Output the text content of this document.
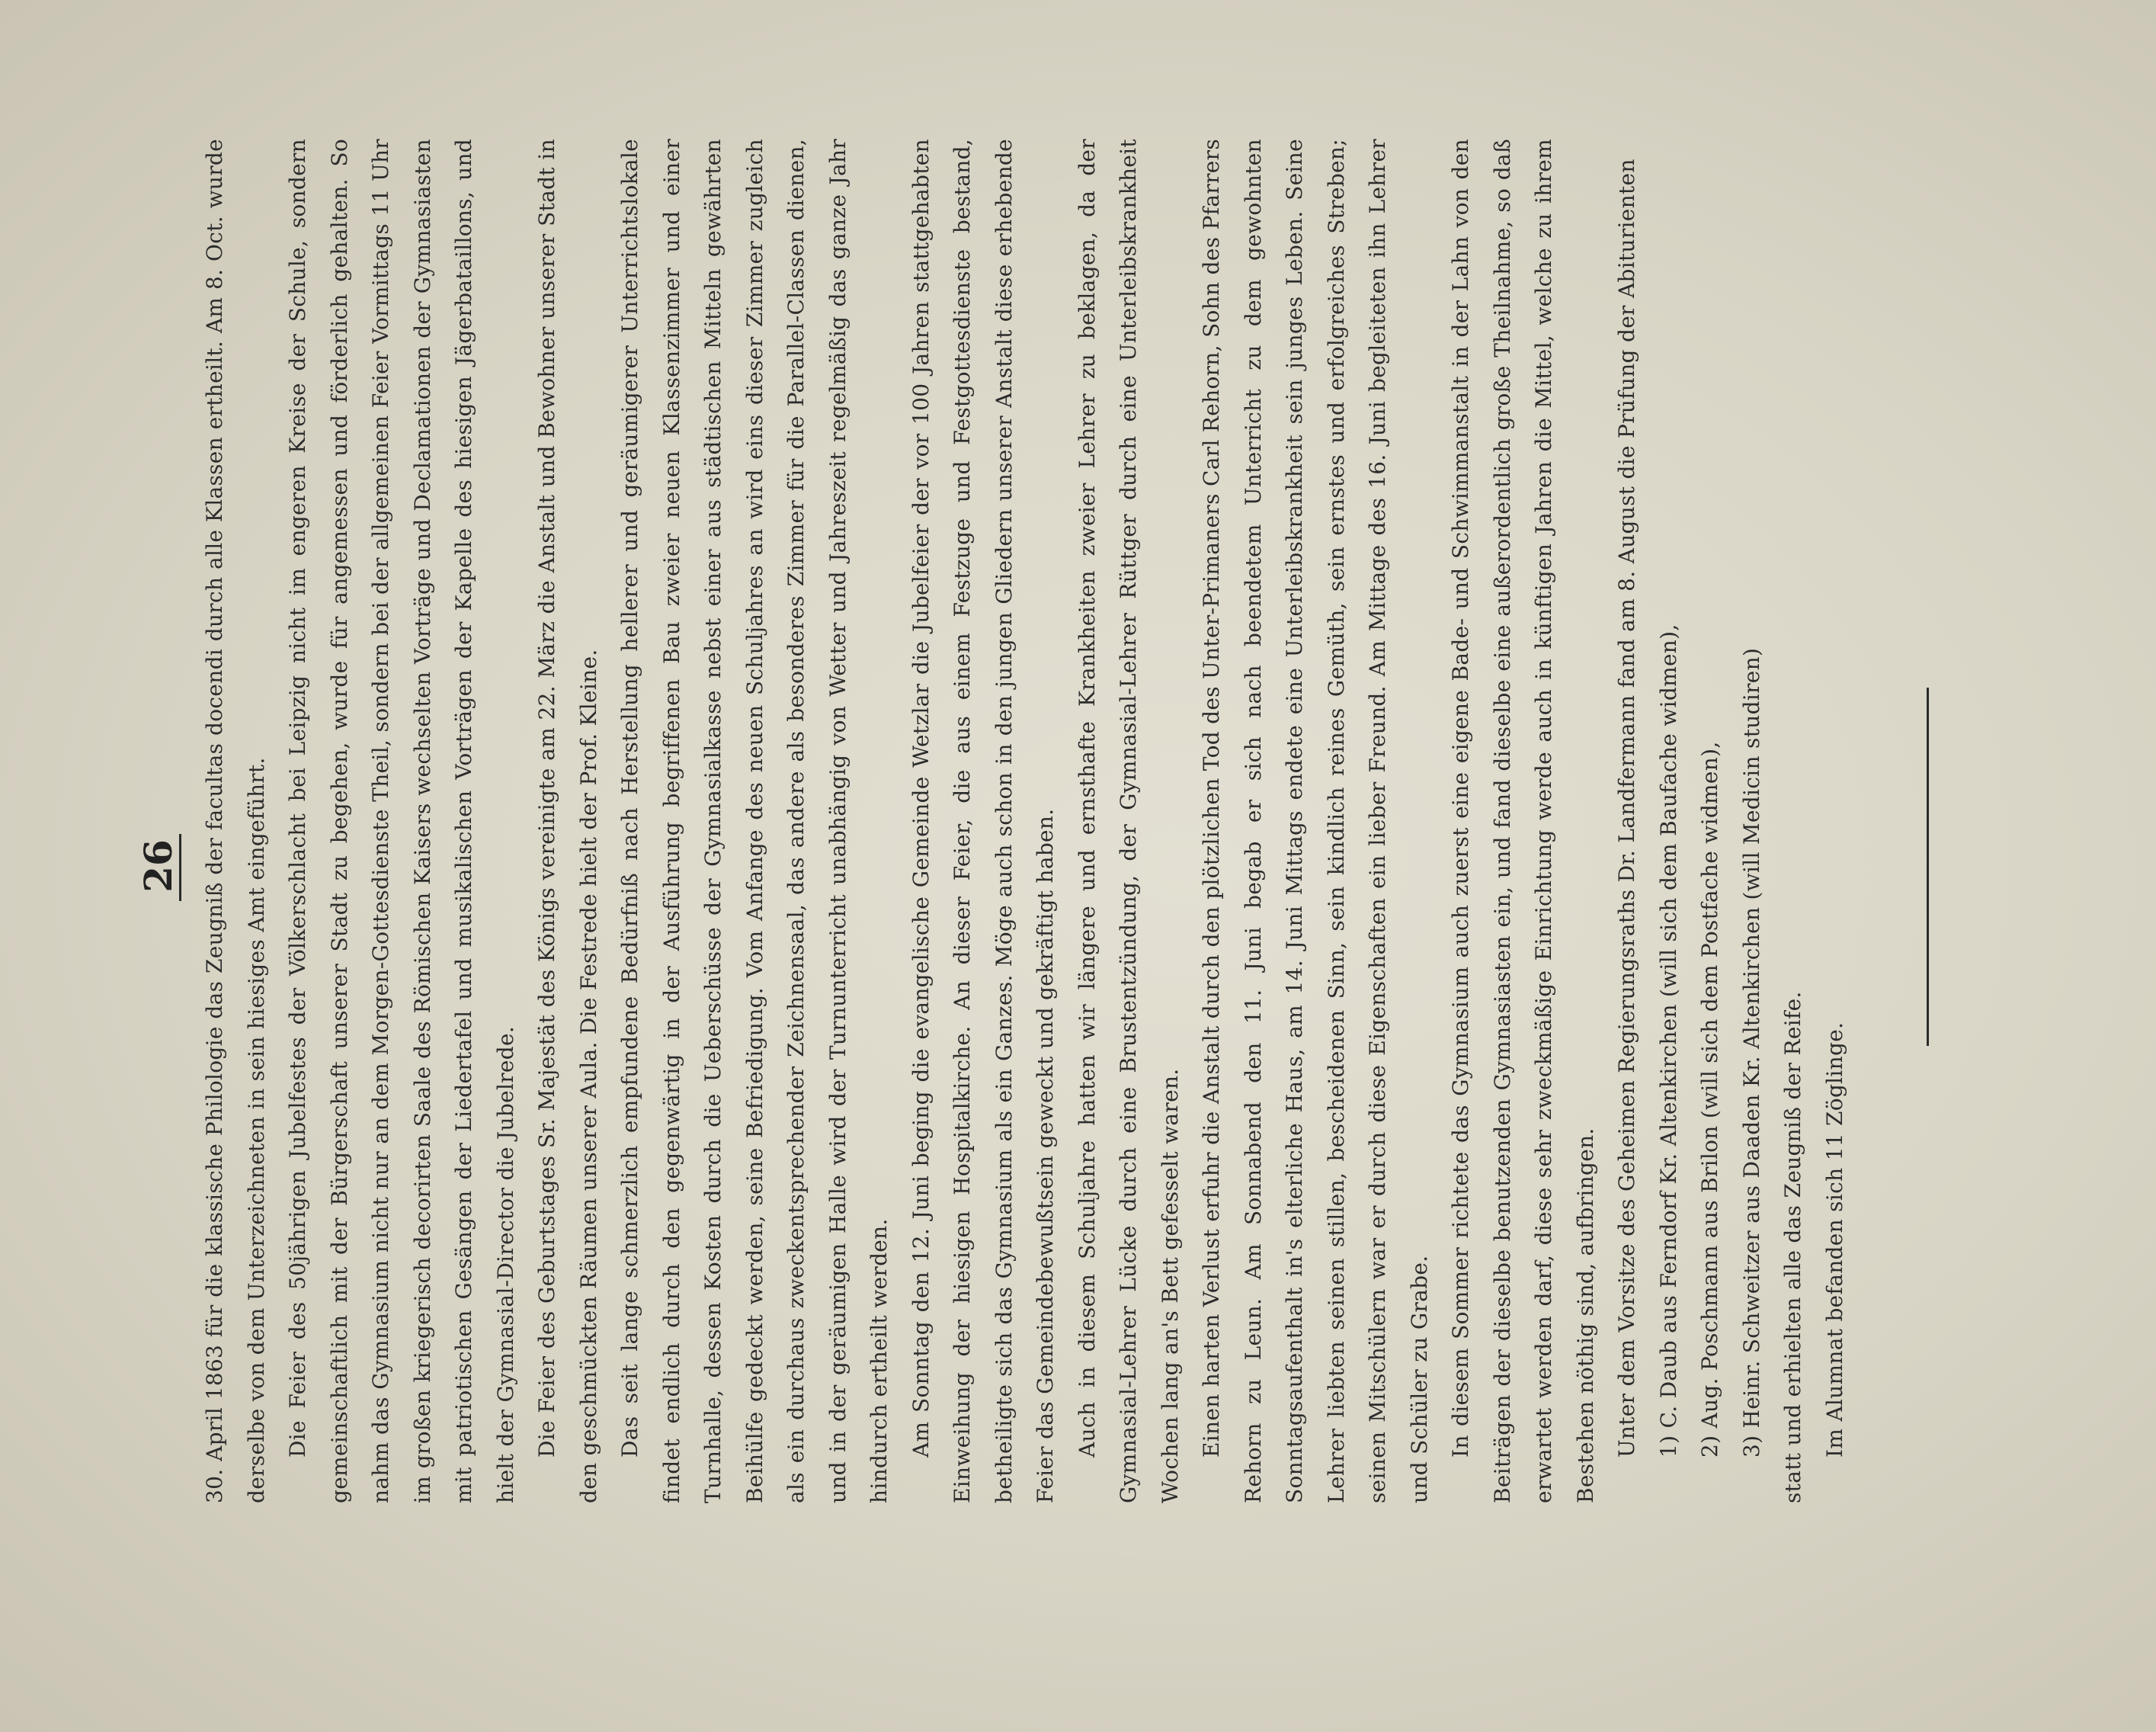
26	30. April 1863 für die klassische Philologie das Zeugniß der facultas docendi durch alle Klassen ertheilt. Am 8. Oct. wurde derselbe von dem Unterzeichneten in sein hiesiges Amt eingeführt. Die Feier des 50jährigen Jubelfestes der Völkerschlacht bei Leipzig nicht im engeren Kreise der Schule, sondern gemeinschaftlich mit der Bürgerschaft unserer Stadt zu begehen, wurde für angemessen und förderlich gehalten. So nahm das Gymnasium nicht nur an dem Morgen-Gottesdienste Theil, sondern bei der allgemeinen Feier Vormittags 11 Uhr im großen kriegerisch decorirten Saale des Römischen Kaisers wechselten Vorträge und Declamationen der Gymnasiasten mit patriotischen Gesängen der Liedertafel und musikalischen Vorträgen der Kapelle des hiesigen Jägerbataillons, und hielt der Gymnasial-Director die Jubelrede. Die Feier des Geburtstages Sr. Majestät des Königs vereinigte am 22. März die Anstalt und Bewohner unserer Stadt in den geschmückten Räumen unserer Aula. Die Festrede hielt der Prof. Kleine. Das seit lange schmerzlich empfundene Bedürfniß nach Herstellung hellerer und geräumigerer Unterrichtslokale findet endlich durch den gegenwärtig in der Ausführung begriffenen Bau zweier neuen Klassenzimmer und einer Turnhalle, dessen Kosten durch die Ueberschüsse der Gymnasialkasse nebst einer aus städtischen Mitteln gewährten Beihülfe gedeckt werden, seine Befriedigung. Vom Anfange des neuen Schuljahres an wird eins dieser Zimmer zugleich als ein durchaus zweckentsprechender Zeichnensaal, das andere als besonderes Zimmer für die Parallel-Classen dienen, und in der geräumigen Halle wird der Turnunterricht unabhängig von Wetter und Jahreszeit regelmäßig das ganze Jahr hindurch ertheilt werden. Am Sonntag den 12. Juni beging die evangelische Gemeinde Wetzlar die Jubelfeier der vor 100 Jahren stattgehabten Einweihung der hiesigen Hospitalkirche. An dieser Feier, die aus einem Festzuge und Festgottesdienste bestand, betheiligte sich das Gymnasium als ein Ganzes. Möge auch schon in den jungen Gliedern unserer Anstalt diese erhebende Feier das Gemeindebewußtsein geweckt und gekräftigt haben. Auch in diesem Schuljahre hatten wir längere und ernsthafte Krankheiten zweier Lehrer zu beklagen, da der Gymnasial-Lehrer Lücke durch eine Brustentzündung, der Gymnasial-Lehrer Rüttger durch eine Unterleibskrankheit Wochen lang an's Bett gefesselt waren. Einen harten Verlust erfuhr die Anstalt durch den plötzlichen Tod des Unter-Primaners Carl Rehorn, Sohn des Pfarrers Rehorn zu Leun. Am Sonnabend den 11. Juni begab er sich nach beendetem Unterricht zu dem gewohnten Sonntagsaufenthalt in's elterliche Haus, am 14. Juni Mittags endete eine Unterleibskrankheit sein junges Leben. Seine Lehrer liebten seinen stillen, bescheidenen Sinn, sein kindlich reines Gemüth, sein ernstes und erfolgreiches Streben; seinen Mitschülern war er durch diese Eigenschaften ein lieber Freund. Am Mittage des 16. Juni begleiteten ihn Lehrer und Schüler zu Grabe. In diesem Sommer richtete das Gymnasium auch zuerst eine eigene Bade- und Schwimmanstalt in der Lahn von den Beiträgen der dieselbe benutzenden Gymnasiasten ein, und fand dieselbe eine außerordentlich große Theilnahme, so daß erwartet werden darf, diese sehr zweckmäßige Einrichtung werde auch in künftigen Jahren die Mittel, welche zu ihrem Bestehen nöthig sind, aufbringen. Unter dem Vorsitze des Geheimen Regierungsraths Dr. Landfermann fand am 8. August die Prüfung der Abiturienten 1) C. Daub aus Ferndorf Kr. Altenkirchen (will sich dem Baufache widmen), 2) Aug. Poschmann aus Brilon (will sich dem Postfache widmen), 3) Heinr. Schweitzer aus Daaden Kr. Altenkirchen (will Medicin studiren) statt und erhielten alle das Zeugniß der Reife. Im Alumnat befanden sich 11 Zöglinge.
